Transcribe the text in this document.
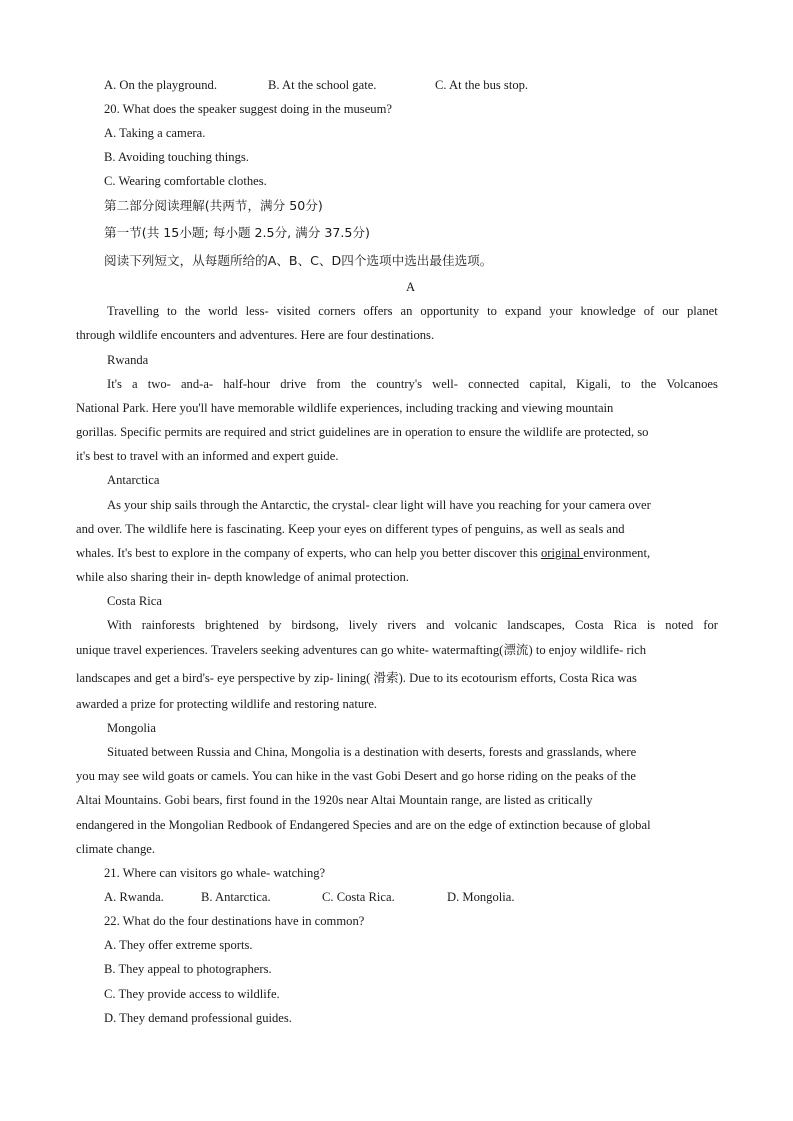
A. On the playground.	B. At the school gate.	C. At the bus stop.
20. What does the speaker suggest doing in the museum?
A. Taking a camera.
B. Avoiding touching things.
C. Wearing comfortable clothes.
第二部分阅读理解(共两节，满分 50分)
第一节(共 15小题; 每小题 2.5分, 满分 37.5分)
阅读下列短文，从每题所给的A、B、C、D四个选项中选出最佳选项。
A
Travelling to the world less- visited corners offers an opportunity to expand your knowledge of our planet
through wildlife encounters and adventures. Here are four destinations.
Rwanda
It's a two- and-a- half-hour drive from the country's well- connected capital, Kigali, to the Volcanoes
National Park. Here you'll have memorable wildlife experiences, including tracking and viewing mountain
gorillas. Specific permits are required and strict guidelines are in operation to ensure the wildlife are protected, so
it's best to travel with an informed and expert guide.
Antarctica
As your ship sails through the Antarctic, the crystal- clear light will have you reaching for your camera over
and over. The wildlife here is fascinating. Keep your eyes on different types of penguins, as well as seals and
whales. It's best to explore in the company of experts, who can help you better discover this original environment,
while also sharing their in- depth knowledge of animal protection.
Costa Rica
With rainforests brightened by birdsong, lively rivers and volcanic landscapes, Costa Rica is noted for
unique travel experiences. Travelers seeking adventures can go white- watermafting(漂流) to enjoy wildlife- rich
landscapes and get a bird's- eye perspective by zip- lining( 滑索). Due to its ecotourism efforts, Costa Rica was
awarded a prize for protecting wildlife and restoring nature.
Mongolia
Situated between Russia and China, Mongolia is a destination with deserts, forests and grasslands, where
you may see wild goats or camels. You can hike in the vast Gobi Desert and go horse riding on the peaks of the
Altai Mountains. Gobi bears, first found in the 1920s near Altai Mountain range, are listed as critically
endangered in the Mongolian Redbook of Endangered Species and are on the edge of extinction because of global
climate change.
21. Where can visitors go whale- watching?
A. Rwanda.	B. Antarctica.	C. Costa Rica.	D. Mongolia.
22. What do the four destinations have in common?
A. They offer extreme sports.
B. They appeal to photographers.
C. They provide access to wildlife.
D. They demand professional guides.
